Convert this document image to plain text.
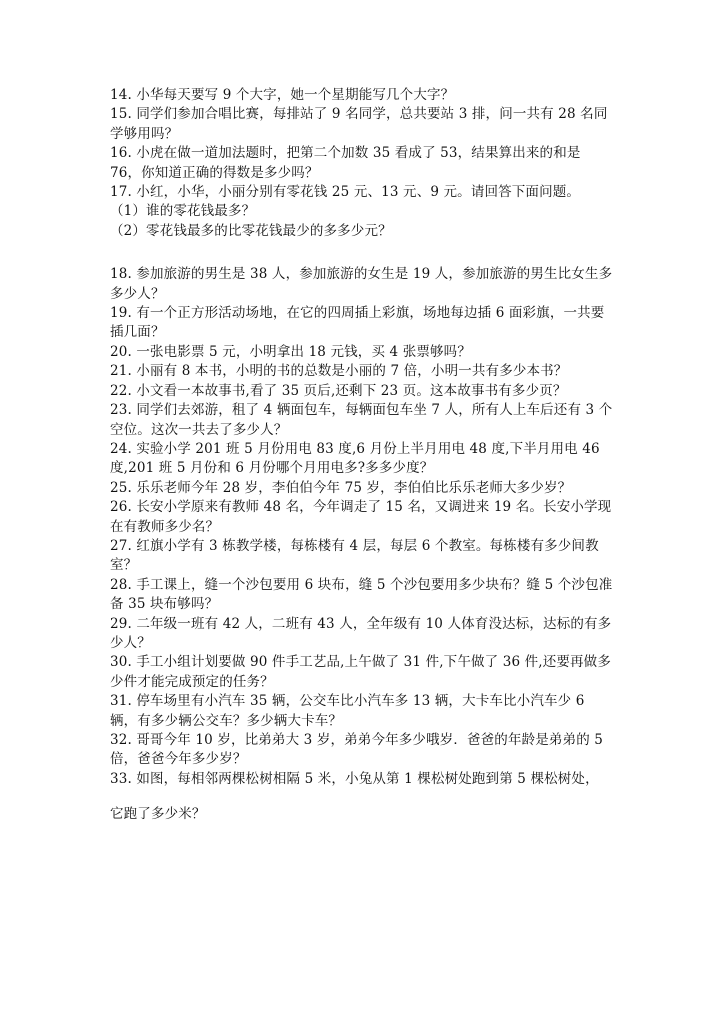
14. 小华每天要写 9 个大字，她一个星期能写几个大字？

15. 同学们参加合唱比赛，每排站了 9 名同学，总共要站 3 排，问一共有 28 名同学够用吗？

16. 小虎在做一道加法题时，把第二个加数 35 看成了 53，结果算出来的和是 76，你知道正确的得数是多少吗？

17. 小红，小华，小丽分别有零花钱 25 元、13 元、9 元。请回答下面问题。

（1）谁的零花钱最多？

（2）零花钱最多的比零花钱最少的多多少元？

18. 参加旅游的男生是 38 人，参加旅游的女生是 19 人，参加旅游的男生比女生多多少人？

19. 有一个正方形活动场地，在它的四周插上彩旗，场地每边插 6 面彩旗，一共要插几面？

20. 一张电影票 5 元，小明拿出 18 元钱，买 4 张票够吗？

21. 小丽有 8 本书，小明的书的总数是小丽的 7 倍，小明一共有多少本书？

22. 小文看一本故事书,看了 35 页后,还剩下 23 页。这本故事书有多少页？

23. 同学们去郊游，租了 4 辆面包车，每辆面包车坐 7 人，所有人上车后还有 3 个空位。这次一共去了多少人？

24. 实验小学 201 班 5 月份用电 83 度,6 月份上半月用电 48 度,下半月用电 46 度,201 班 5 月份和 6 月份哪个月用电多?多多少度？

25. 乐乐老师今年 28 岁，李伯伯今年 75 岁，李伯伯比乐乐老师大多少岁？

26. 长安小学原来有教师 48 名，今年调走了 15 名，又调进来 19 名。长安小学现在有教师多少名？

27. 红旗小学有 3 栋教学楼，每栋楼有 4 层，每层 6 个教室。每栋楼有多少间教室？

28. 手工课上，缝一个沙包要用 6 块布，缝 5 个沙包要用多少块布？缝 5 个沙包准备 35 块布够吗？

29. 二年级一班有 42 人，二班有 43 人，全年级有 10 人体育没达标，达标的有多少人？

30. 手工小组计划要做 90 件手工艺品,上午做了 31 件,下午做了 36 件,还要再做多少件才能完成预定的任务？

31. 停车场里有小汽车 35 辆，公交车比小汽车多 13 辆，大卡车比小汽车少 6 辆，有多少辆公交车？多少辆大卡车？

32. 哥哥今年 10 岁，比弟弟大 3 岁，弟弟今年多少哦岁．爸爸的年龄是弟弟的 5 倍，爸爸今年多少岁？

33. 如图，每相邻两棵松树相隔 5 米，小兔从第 1 棵松树处跑到第 5 棵松树处，

它跑了多少米？
